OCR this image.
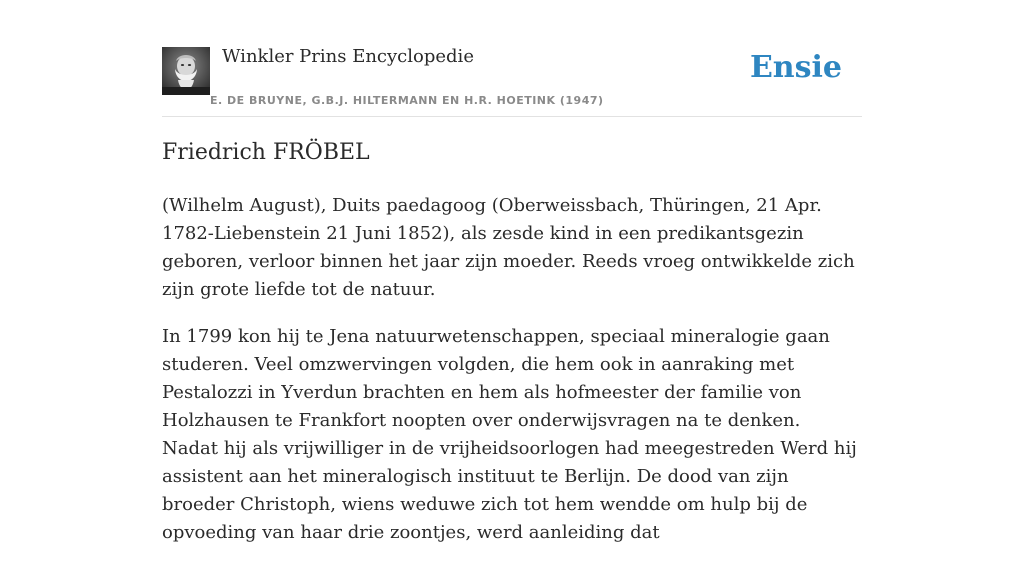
Winkler Prins Encyclopedie
E. DE BRUYNE, G.B.J. HILTERMANN EN H.R. HOETINK (1947)
Ensie
Friedrich FRÖBEL

(Wilhelm August), Duits paedagoog (Oberweissbach, Thüringen, 21 Apr. 1782-Liebenstein 21 Juni 1852), als zesde kind in een predikantsgezin geboren, verloor binnen het jaar zijn moeder. Reeds vroeg ontwikkelde zich zijn grote liefde tot de natuur.

In 1799 kon hij te Jena natuurwetenschappen, speciaal mineralogie gaan studeren. Veel omzwervingen volgden, die hem ook in aanraking met Pestalozzi in Yverdun brachten en hem als hofmeester der familie von Holzhausen te Frankfort noopten over onderwijsvragen na te denken. Nadat hij als vrijwilliger in de vrijheidsoorlogen had meegestreden Werd hij assistent aan het mineralogisch instituut te Berlijn. De dood van zijn broeder Christoph, wiens weduwe zich tot hem wendde om hulp bij de opvoeding van haar drie zoontjes, werd aanleiding dat
